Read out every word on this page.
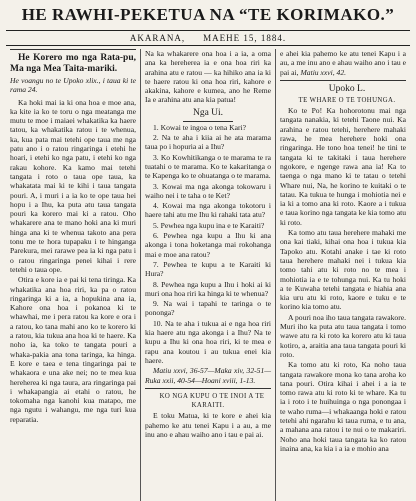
HE RAWHI-PEKETUA NA “TE KORIMAKO.”
AKARANA, MAEHE 15, 1884.

He Korero mo nga Rata-pu, Ma nga Mea Taita-mariki.

He voangu no te Upoko xlix., i taua ki te rama 24.

Ka hoki mai ia ki ona hoa e moe ana, ka kite ia ko te toru o nga meatanga me mutu te moe i maiaei whakatika ka haere tatou, ka whakatika ratou i te whenua, ka, kua pata mai tetehi ope taua me nga patu ano i o ratou ringaringa i etehi he hoari, i etehi ko nga patu, i etehi ko nga rakau kohore. Ka kamo mai tetehi tangata i roto o taua ope taua, ka whakatata mai ki te kihi i taua tangata pouri. A, i muri i a ia ko te ope taua hei hopu i a Ihu, ka puta atu taua tangata pouri ka korero mai ki a ratou. Oho whakarere ana te mano hoki ana ki muri hinga ana ki te whenua takoto ana pera tonu me te hora tupapaku i te hinganga Parekura, mei rarawe pea ia ki nga patu i o ratou ringaringa penei kihai i rere tetehi o taua ope.

Otira e kore ia e pai ki tena tiringa. Ka whakatika ana hoa riri, ka pa o ratou ringaringa ki a ia, a hopukina ana ia, Kahore ona hoa i pokanoa ki te whawhai, me i pera ratou ka kore e ora i a ratou, ko tana mahi ano ko te korero ki a ratou, kia tukua ana hoa ki te haere. Ka noho ia, ka toko te tangata pouri a whaka-pakia ana tona taringa, ka hinga. E kore e taea e tena tingaringa pai te whakaora e una ake nei; no te mea kua hereherea ki nga taura, ara ringaringa pai i whakapangia ai etahi o ratou, he tokomaha nga kanohi kua matapo, me nga ngutu i wahangu, me nga turi kua reparatia.

Na ka whakarere ona hoa i a ia, a oma ana ka hereherea ia e ona hoa riri ka arahina atu e ratou — ka hihiko ana ia ki te haere ratou ki ona hoa riri, kahore e akakina, kahore e kumea, ano he Reme Ia e arahina atu ana kia patua!

Nga Ui.

1. Kowai te ingoa o tena Kari?

2. Na te aha i kiia ai he ata marama taua po i hopuria ai a Ihu?

3. Ko Kowhitikanga o te marama te ra tuatahi o te marama. Ko te kakaritanga o te Kapenga ko te ohuatanga o te marama.

3. Kowai ma nga akonga tokowaru i waiho nei i te taha o te Ket?

4. Kowai ma nga akonga tokotoru i haere tahi atu me Ihu ki rahaki tata atu?

5. Pewhea nga kupu ina e te Karaiti?

6. Pewhea nga kupu a Ihu ki ana akonga i tona hoketanga mai rokohanga mai e moe ana ratou?

7. Pewhea te kupu a te Karaiti ki Hura?

8. Pewhea nga kupu a Ihu i hoki ai ki muri ona hoa riri ka hinga ki te whenua?

9. Na wai i tapahi te taringa o te pononga?

10. Na te aha i tukua ai e nga hoa riri kia haere atu nga akonga i a Ihu? Na te kupu a Ihu ki ona hoa riri, ki te mea e rapu ana koutou i au tukua enei kia haere.

Matiu xxvi, 36-57—Maka xiv, 32-51—Ruka xxii, 40-54—Hoani xviii, 1-13.

KO NGA KUPU O TE INOI A TE KARAITI.

E toku Matua, ki te kore e ahei kia pahemo ke atu tenei Kapu i a au, a me inu ano e ahau waiho ano i tau e pai ai.

e ahei kia pahemo ke atu tenei Kapu i a au, a me inu ano e ahau waiho ano i tau e pai ai, Matiu xxvi, 42.

Upoko L.

TE WHARE O TE TOHUNGA.

Ko te Po! Ka hohorotonu mai nga tangata nanakia, ki tetehi Taone nui. Ka arahina e ratou tetehi, herehere mahaki rawa, he mea herehere hoki ona ringaringa. He tono hoa tenei! he tini te tangata ki te takitaki i taua herehere ngokore, e ngenge rawa ana ia! Ka to taenga o nga mano ki te tatau o tetehi Whare nui, Na, he korino te kuitaki o te tatau. Ka tukua te hunga i mohiotia nei e ia ki a tomo ana ki roto. Kaore a i tukua e taua korino nga tangata ke kia tomo atu ki roto.

Ka tomo atu taua herehere mahaki me ona kai tiaki, kihai ona hoa i tukua kia Tapoko atu. Kotahi anake i tae ki roto taua herehere mahaki nei i tukua kia tomo tahi atu ki roto no te mea i mohiotia ia e te tohunga nui. Ka tu hoki a te Kuwaha tetehi tangata e hiahia ana kia uru atu ki roto, kaore e tuku e te korino kia tomo atu.

A pouri noa iho taua tangata rawakore. Muri iho ka puta atu taua tangata i tomo wawe atu ra ki roto ka korero atu ki taua kotiro, a, araitia ana taua tangata pouri ki roto.

Ka tomo atu ki roto, Ka noho taua tangata rawakore mona ko tana aroha ko tana pouri. Otira kihai i ahei i a ia te tomo rawa atu ki roto ki te whare. Ka tu ia i roto i te huihuinga o nga ponongaa i te waho ruma—i whakaanga hoki e ratou tetehi ahi ngarahu ki taua ruma, e tu ana, a mahana ana ratou i te nui o te makariri. Noho ana hoki taua tangata ka ko ratou inaina ana, ka kia i a ia e mohio ana
